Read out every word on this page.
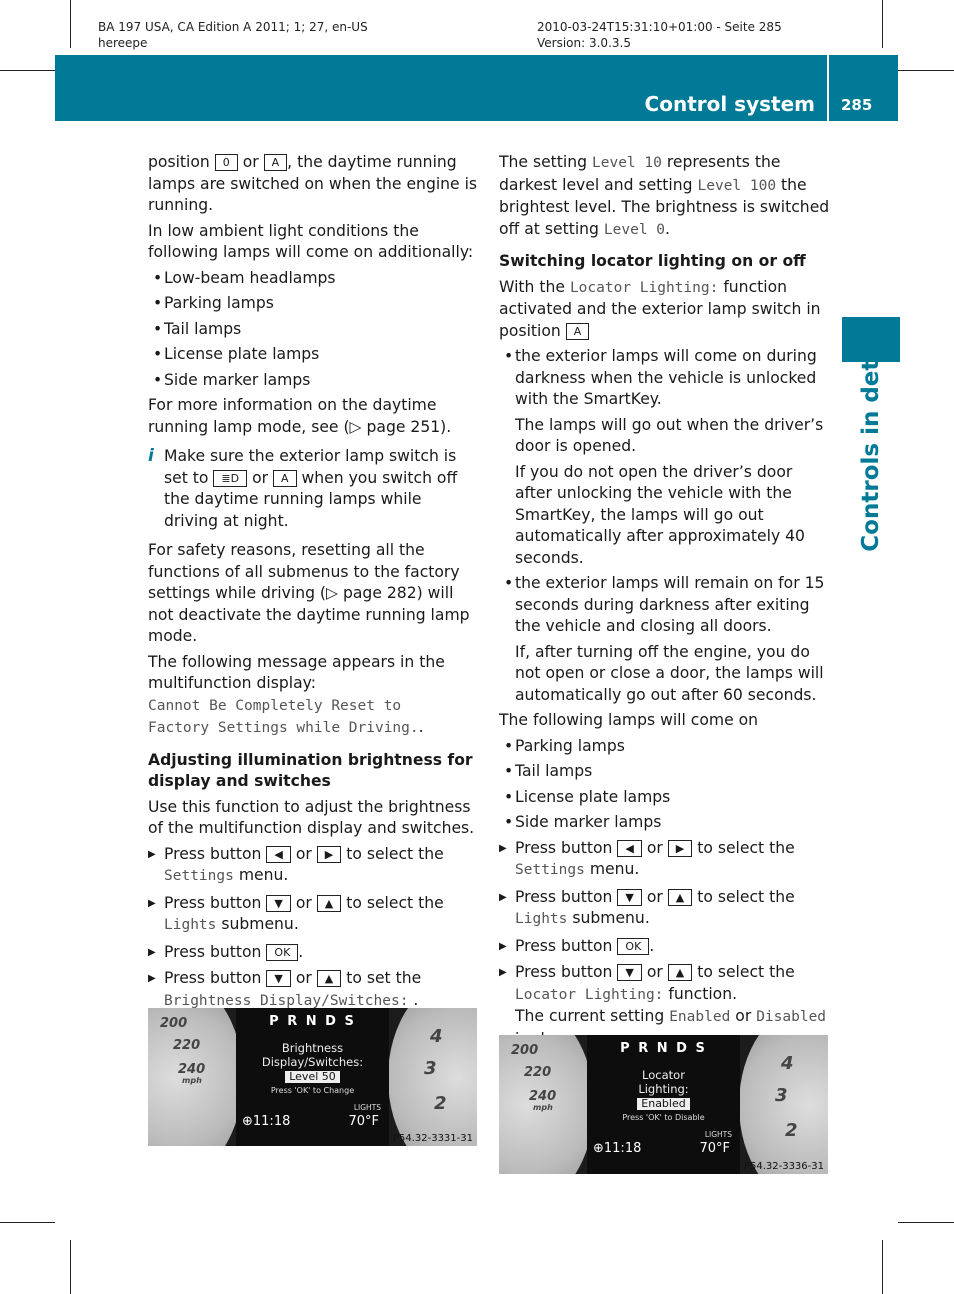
BA 197 USA, CA Edition A 2011; 1; 27, en-US
hereepe
2010-03-24T15:31:10+01:00 - Seite 285
Version: 3.0.3.5
Control system 285
Controls in detail

position 0 or A , the daytime running lamps are switched on when the engine is running.

In low ambient light conditions the following lamps will come on additionally:

• Low-beam headlamps
• Parking lamps
• Tail lamps
• License plate lamps
• Side marker lamps

For more information on the daytime running lamp mode, see (▷ page 251).

i Make sure the exterior lamp switch is set to ≣D or A when you switch off the daytime running lamps while driving at night.

For safety reasons, resetting all the functions of all submenus to the factory settings while driving (▷ page 282) will not deactivate the daytime running lamp mode.

The following message appears in the multifunction display:
Cannot Be Completely Reset to
Factory Settings while Driving..

Adjusting illumination brightness for display and switches

Use this function to adjust the brightness of the multifunction display and switches.

▶ Press button ◀ or ▶ to select the
Settings menu.
▶ Press button ▼ or ▲ to select the
Lights submenu.
▶ Press button OK .
▶ Press button ▼ or ▲ to set the
Brightness Display/Switches: .

The setting Level 10 represents the darkest level and setting Level 100 the brightest level. The brightness is switched off at setting Level 0.

Switching locator lighting on or off

With the Locator Lighting: function activated and the exterior lamp switch in position A

• the exterior lamps will come on during darkness when the vehicle is unlocked with the SmartKey.
The lamps will go out when the driver’s door is opened.
If you do not open the driver’s door after unlocking the vehicle with the SmartKey, the lamps will go out automatically after approximately 40 seconds.
• the exterior lamps will remain on for 15 seconds during darkness after exiting the vehicle and closing all doors.
If, after turning off the engine, you do not open or close a door, the lamps will automatically go out after 60 seconds.

The following lamps will come on

• Parking lamps
• Tail lamps
• License plate lamps
• Side marker lamps
▶ Press button ◀ or ▶ to select the
Settings menu.
▶ Press button ▼ or ▲ to select the
Lights submenu.
▶ Press button OK .
▶ Press button ▼ or ▲ to select the
Locator Lighting: function.
The current setting Enabled or Disabled
200
220
240
mph
4
3
2
P R N D S
Brightness
Display/Switches:
Level 50
Press 'OK' to Change
LIGHTS
⊕11:18	70°F
P54.32-3331-31
200
220
240
mph
4
3
2
P R N D S
Locator
Lighting:
Enabled
Press 'OK' to Disable
LIGHTS
⊕11:18	70°F
P54.32-3336-31
